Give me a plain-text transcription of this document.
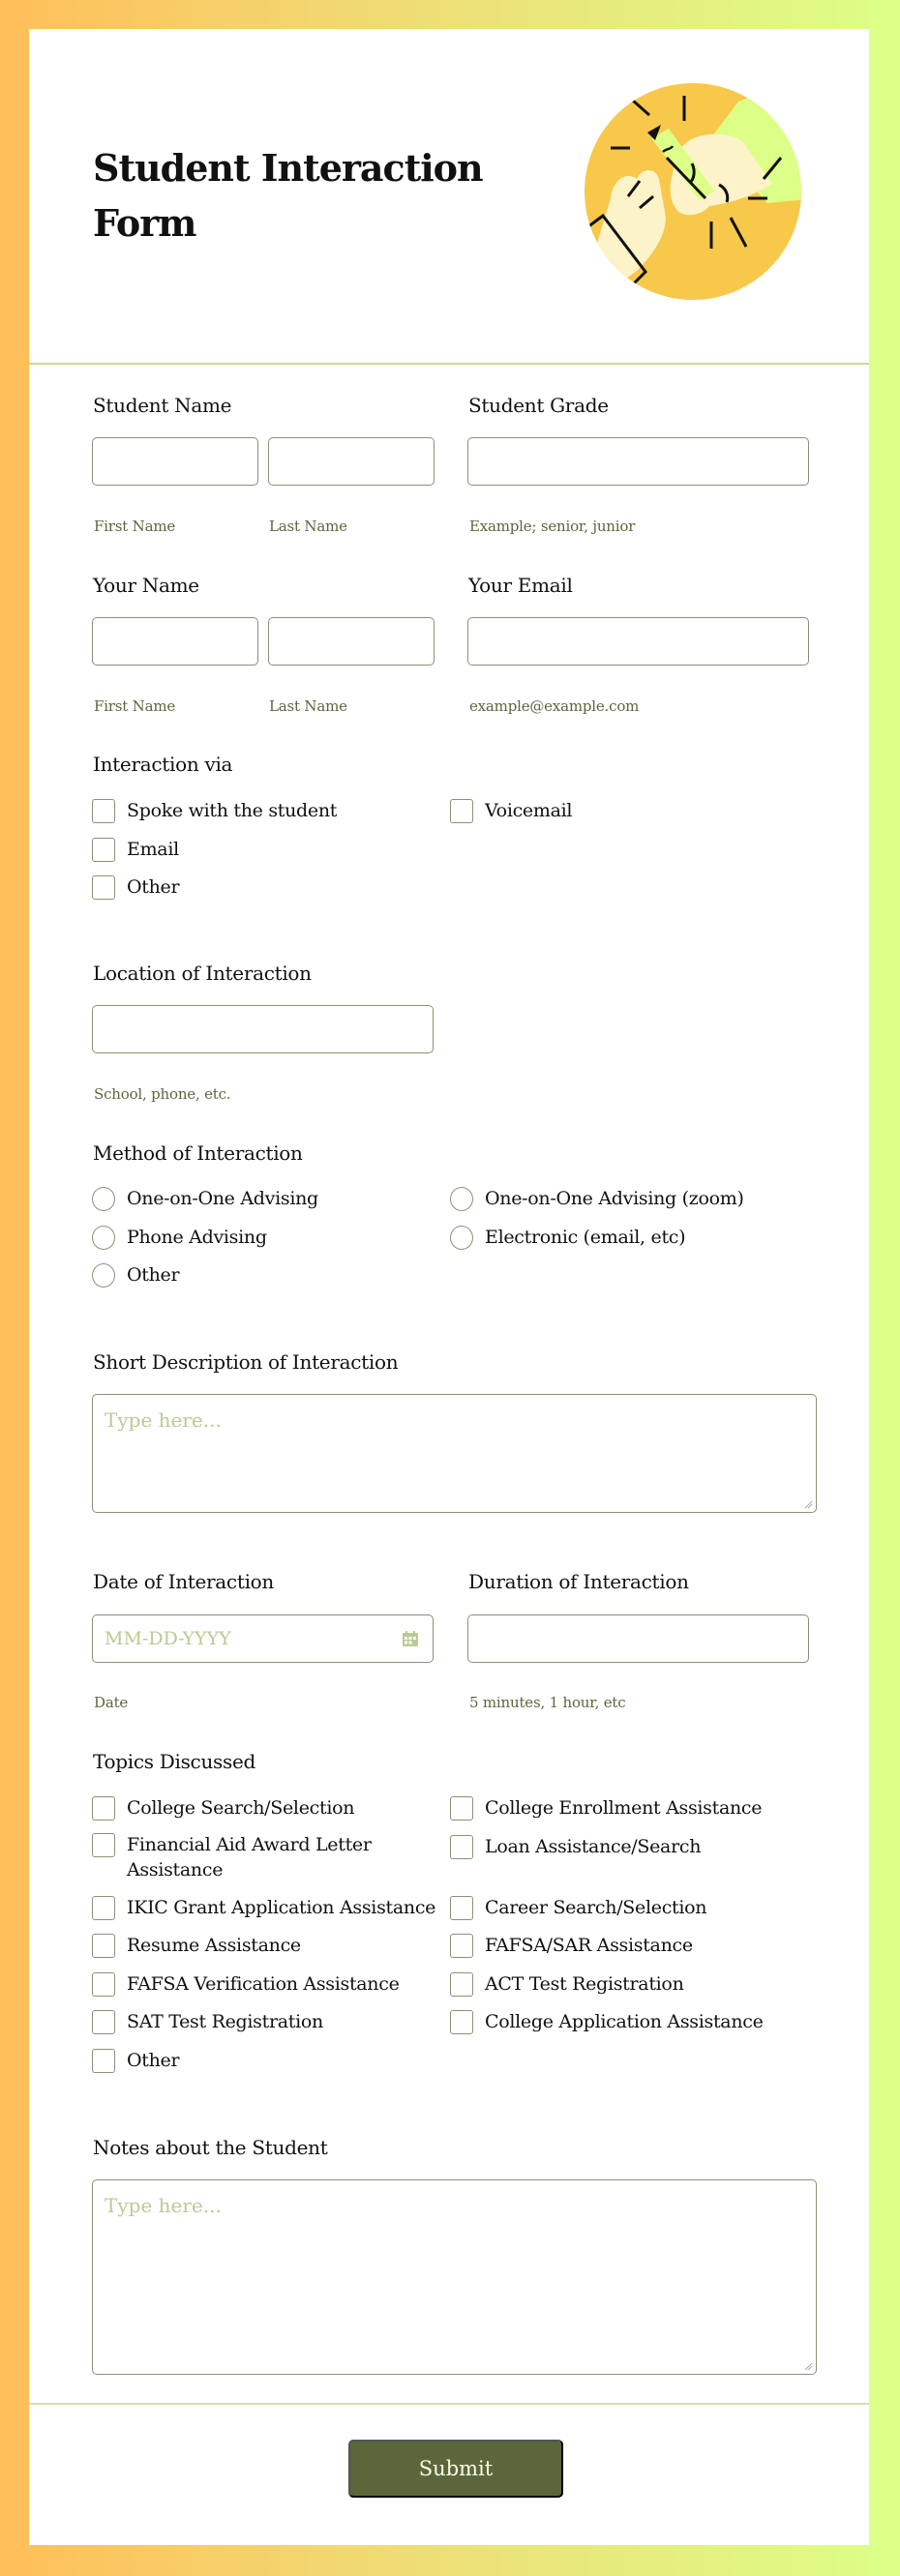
Student Interaction Form
Student Name
First Name	Last Name
Student Grade
Example; senior, junior
Your Name
First Name	Last Name
Your Email
example@example.com
Interaction via
Spoke with the student	Voicemail
Email
Other
Location of Interaction
School, phone, etc.
Method of Interaction
One-on-One Advising	One-on-One Advising (zoom)
Phone Advising	Electronic (email, etc)
Other
Short Description of Interaction
Type here...
Date of Interaction
MM-DD-YYYY
Date
Duration of Interaction
5 minutes, 1 hour, etc
Topics Discussed
College Search/Selection	College Enrollment Assistance
Financial Aid Award Letter Assistance
Loan Assistance/Search
IKIC Grant Application Assistance	Career Search/Selection
Resume Assistance	FAFSA/SAR Assistance
FAFSA Verification Assistance	ACT Test Registration
SAT Test Registration	College Application Assistance
Other
Notes about the Student
Type here...
Submit
